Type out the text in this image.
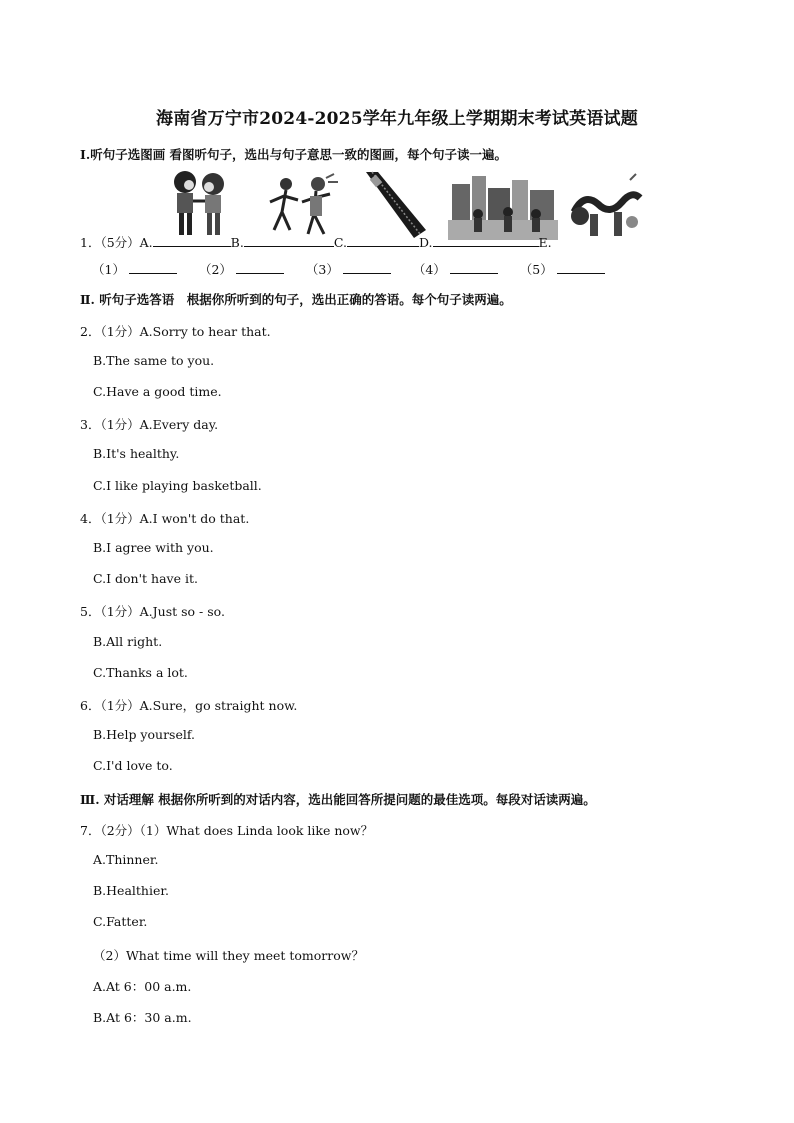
海南省万宁市2024-2025学年九年级上学期期末考试英语试题
Ⅰ.听句子选图画 看图听句子，选出与句子意思一致的图画，每个句子读一遍。
1．（5分）A.	B.	C.	D.	E.
（1）	（2）	（3）	（4）	（5）
Ⅱ. 听句子选答语　根据你所听到的句子，选出正确的答语。每个句子读两遍。
2．（1分）A.Sorry to hear that.
B.The same to you.
C.Have a good time.
3．（1分）A.Every day.
B.It's healthy.
C.I like playing basketball.
4．（1分）A.I won't do that.
B.I agree with you.
C.I don't have it.
5．（1分）A.Just so - so.
B.All right.
C.Thanks a lot.
6．（1分）A.Sure，go straight now.
B.Help yourself.
C.I'd love to.
Ⅲ. 对话理解 根据你所听到的对话内容，选出能回答所提问题的最佳选项。每段对话读两遍。
7．（2分）（1）What does Linda look like now？
A.Thinner.
B.Healthier.
C.Fatter.
（2）What time will they meet tomorrow？
A.At 6：00 a.m.
B.At 6：30 a.m.
